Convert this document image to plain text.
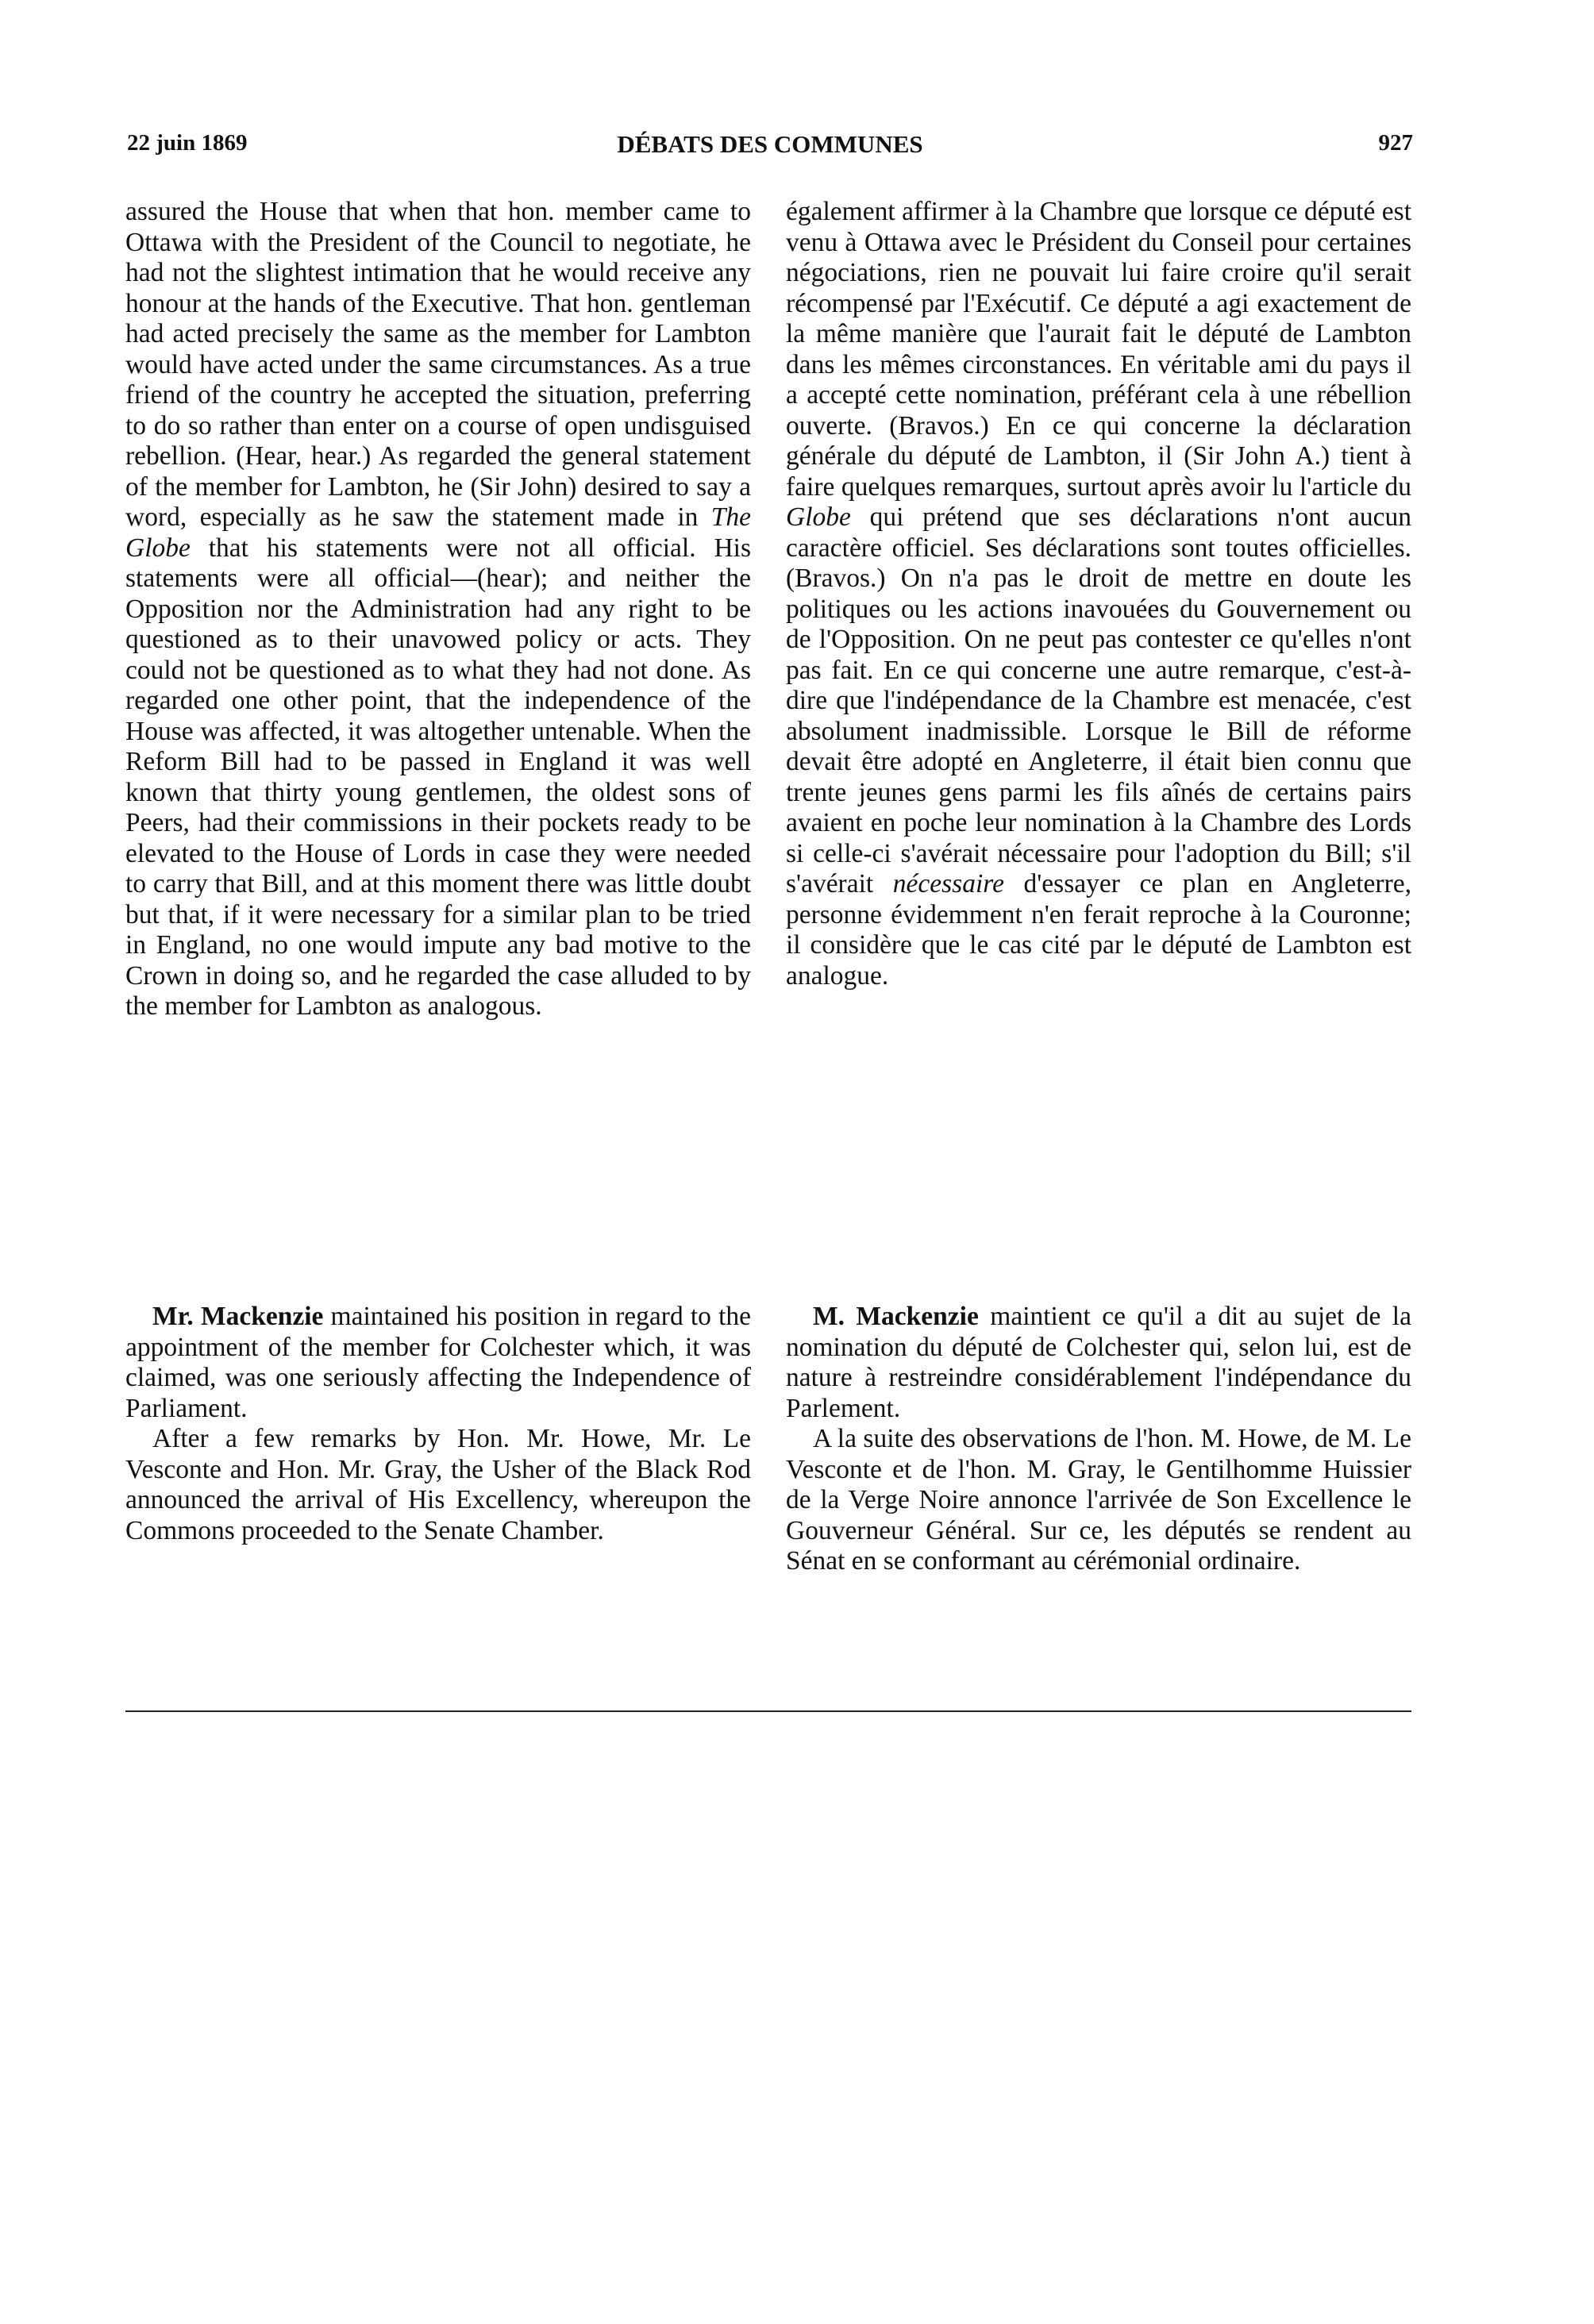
22 juin 1869	DÉBATS DES COMMUNES	927

assured the House that when that hon. member came to Ottawa with the President of the Council to negotiate, he had not the slightest intimation that he would receive any honour at the hands of the Executive. That hon. gentleman had acted precisely the same as the member for Lambton would have acted under the same circumstances. As a true friend of the country he accepted the situation, preferring to do so rather than enter on a course of open undisguised rebellion. (Hear, hear.) As regarded the general statement of the member for Lambton, he (Sir John) desired to say a word, especially as he saw the statement made in The Globe that his statements were not all official. His statements were all official—(hear); and neither the Opposition nor the Administration had any right to be questioned as to their unavowed policy or acts. They could not be questioned as to what they had not done. As regarded one other point, that the independence of the House was affected, it was altogether untenable. When the Reform Bill had to be passed in England it was well known that thirty young gentlemen, the oldest sons of Peers, had their commissions in their pockets ready to be elevated to the House of Lords in case they were needed to carry that Bill, and at this moment there was little doubt but that, if it were necessary for a similar plan to be tried in England, no one would impute any bad motive to the Crown in doing so, and he regarded the case alluded to by the member for Lambton as analogous.

Mr. Mackenzie maintained his position in regard to the appointment of the member for Colchester which, it was claimed, was one seriously affecting the Independence of Parliament.

After a few remarks by Hon. Mr. Howe, Mr. Le Vesconte and Hon. Mr. Gray, the Usher of the Black Rod announced the arrival of His Excellency, whereupon the Commons proceeded to the Senate Chamber.

également affirmer à la Chambre que lorsque ce député est venu à Ottawa avec le Président du Conseil pour certaines négociations, rien ne pouvait lui faire croire qu'il serait récompensé par l'Exécutif. Ce député a agi exactement de la même manière que l'aurait fait le député de Lambton dans les mêmes circonstances. En véritable ami du pays il a accepté cette nomination, préférant cela à une rébellion ouverte. (Bravos.) En ce qui concerne la déclaration générale du député de Lambton, il (Sir John A.) tient à faire quelques remarques, surtout après avoir lu l'article du Globe qui prétend que ses déclarations n'ont aucun caractère officiel. Ses déclarations sont toutes officielles. (Bravos.) On n'a pas le droit de mettre en doute les politiques ou les actions inavouées du Gouvernement ou de l'Opposition. On ne peut pas contester ce qu'elles n'ont pas fait. En ce qui concerne une autre remarque, c'est-à-dire que l'indépendance de la Chambre est menacée, c'est absolument inadmissible. Lorsque le Bill de réforme devait être adopté en Angleterre, il était bien connu que trente jeunes gens parmi les fils aînés de certains pairs avaient en poche leur nomination à la Chambre des Lords si celle-ci s'avérait nécessaire pour l'adoption du Bill; s'il s'avérait nécessaire d'essayer ce plan en Angleterre, personne évidemment n'en ferait reproche à la Couronne; il considère que le cas cité par le député de Lambton est analogue.

M. Mackenzie maintient ce qu'il a dit au sujet de la nomination du député de Colchester qui, selon lui, est de nature à restreindre considérablement l'indépendance du Parlement.

A la suite des observations de l'hon. M. Howe, de M. Le Vesconte et de l'hon. M. Gray, le Gentilhomme Huissier de la Verge Noire annonce l'arrivée de Son Excellence le Gouverneur Général. Sur ce, les députés se rendent au Sénat en se conformant au cérémonial ordinaire.
